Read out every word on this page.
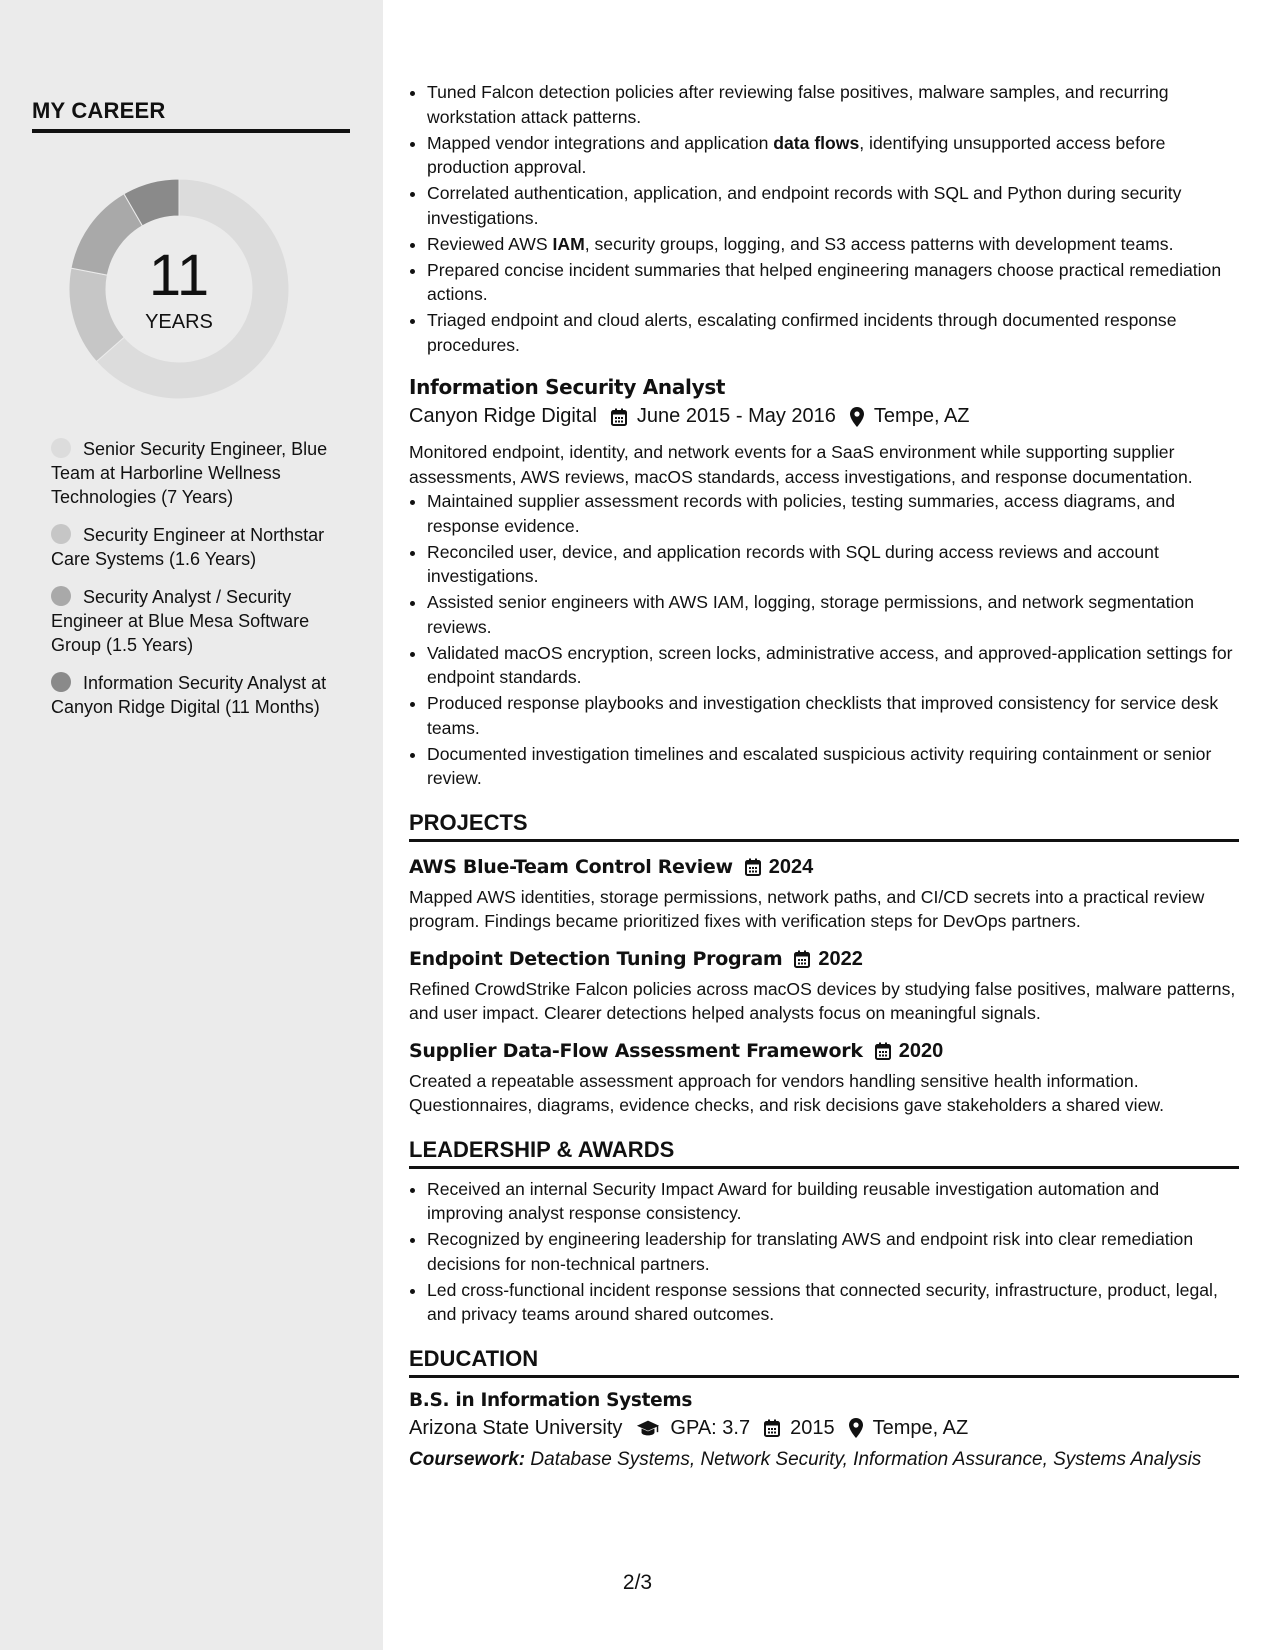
MY CAREER
11
YEARS
Senior Security Engineer, Blue Team at Harborline Wellness Technologies (7 Years)
Security Engineer at Northstar Care Systems (1.6 Years)
Security Analyst / Security Engineer at Blue Mesa Software Group (1.5 Years)
Information Security Analyst at Canyon Ridge Digital (11 Months)
• Tuned Falcon detection policies after reviewing false positives, malware samples, and recurring workstation attack patterns.
• Mapped vendor integrations and application data flows, identifying unsupported access before production approval.
• Correlated authentication, application, and endpoint records with SQL and Python during security investigations.
• Reviewed AWS IAM, security groups, logging, and S3 access patterns with development teams.
• Prepared concise incident summaries that helped engineering managers choose practical remediation actions.
• Triaged endpoint and cloud alerts, escalating confirmed incidents through documented response procedures.
Information Security Analyst
Canyon Ridge Digital June 2015 - May 2016 Tempe, AZ
Monitored endpoint, identity, and network events for a SaaS environment while supporting supplier assessments, AWS reviews, macOS standards, access investigations, and response documentation.
• Maintained supplier assessment records with policies, testing summaries, access diagrams, and response evidence.
• Reconciled user, device, and application records with SQL during access reviews and account investigations.
• Assisted senior engineers with AWS IAM, logging, storage permissions, and network segmentation reviews.
• Validated macOS encryption, screen locks, administrative access, and approved-application settings for endpoint standards.
• Produced response playbooks and investigation checklists that improved consistency for service desk teams.
• Documented investigation timelines and escalated suspicious activity requiring containment or senior review.
PROJECTS
AWS Blue-Team Control Review 2024
Mapped AWS identities, storage permissions, network paths, and CI/CD secrets into a practical review program. Findings became prioritized fixes with verification steps for DevOps partners.
Endpoint Detection Tuning Program 2022
Refined CrowdStrike Falcon policies across macOS devices by studying false positives, malware patterns, and user impact. Clearer detections helped analysts focus on meaningful signals.
Supplier Data-Flow Assessment Framework 2020
Created a repeatable assessment approach for vendors handling sensitive health information. Questionnaires, diagrams, evidence checks, and risk decisions gave stakeholders a shared view.
LEADERSHIP & AWARDS
• Received an internal Security Impact Award for building reusable investigation automation and improving analyst response consistency.
• Recognized by engineering leadership for translating AWS and endpoint risk into clear remediation decisions for non-technical partners.
• Led cross-functional incident response sessions that connected security, infrastructure, product, legal, and privacy teams around shared outcomes.
EDUCATION
B.S. in Information Systems
Arizona State University GPA: 3.7 2015 Tempe, AZ
Coursework: Database Systems, Network Security, Information Assurance, Systems Analysis
2/3
